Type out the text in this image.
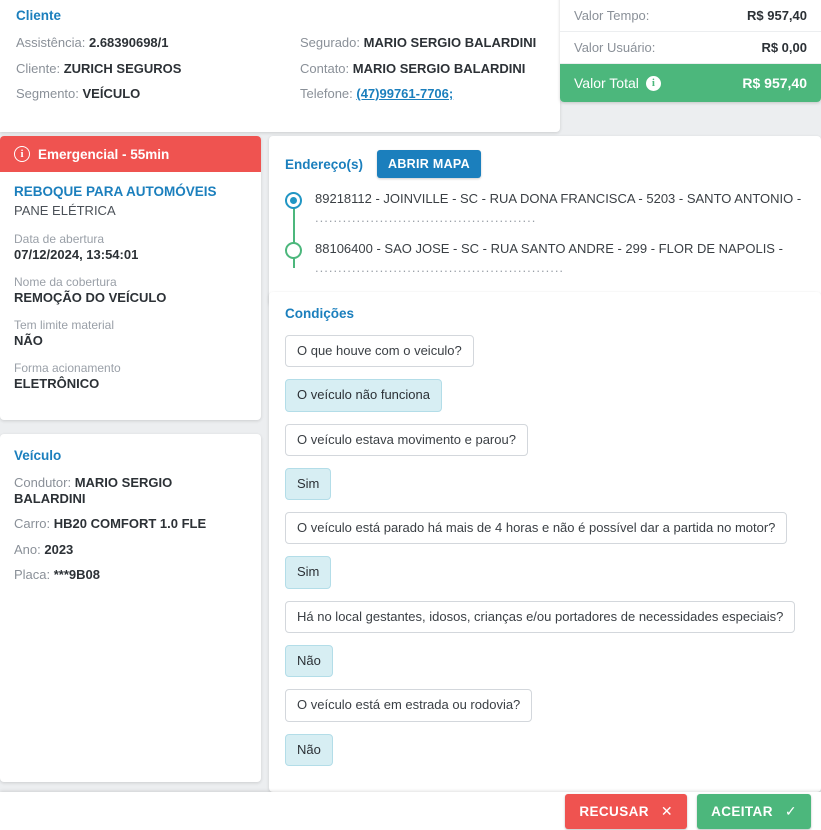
Cliente
Assistência: 2.68390698/1
Cliente: ZURICH SEGUROS
Segmento: VEÍCULO
Segurado: MARIO SERGIO BALARDINI
Contato: MARIO SERGIO BALARDINI
Telefone: (47)99761-7706;
Valor Tempo:	R$ 957,40
Valor Usuário:	R$ 0,00
Valor Total	i	R$ 957,40
i	Emergencial - 55min
REBOQUE PARA AUTOMÓVEIS
PANE ELÉTRICA
Data de abertura
07/12/2024, 13:54:01
Nome da cobertura
REMOÇÃO DO VEÍCULO
Tem limite material
NÃO
Forma acionamento
ELETRÔNICO
Veículo
Condutor: MARIO SERGIO BALARDINI
Carro: HB20 COMFORT 1.0 FLE
Ano: 2023
Placa: ***9B08
Endereço(s)	ABRIR MAPA
89218112 - JOINVILLE - SC - RUA DONA FRANCISCA - 5203 - SANTO ANTONIO -
................................................
88106400 - SAO JOSE - SC - RUA SANTO ANDRE - 299 - FLOR DE NAPOLIS -
......................................................
Condições
O que houve com o veiculo?
O veículo não funciona
O veículo estava movimento e parou?
Sim
O veículo está parado há mais de 4 horas e não é possível dar a partida no motor?
Sim
Há no local gestantes, idosos, crianças e/ou portadores de necessidades especiais?
Não
O veículo está em estrada ou rodovia?
Não
RECUSAR ✕	ACEITAR ✓
